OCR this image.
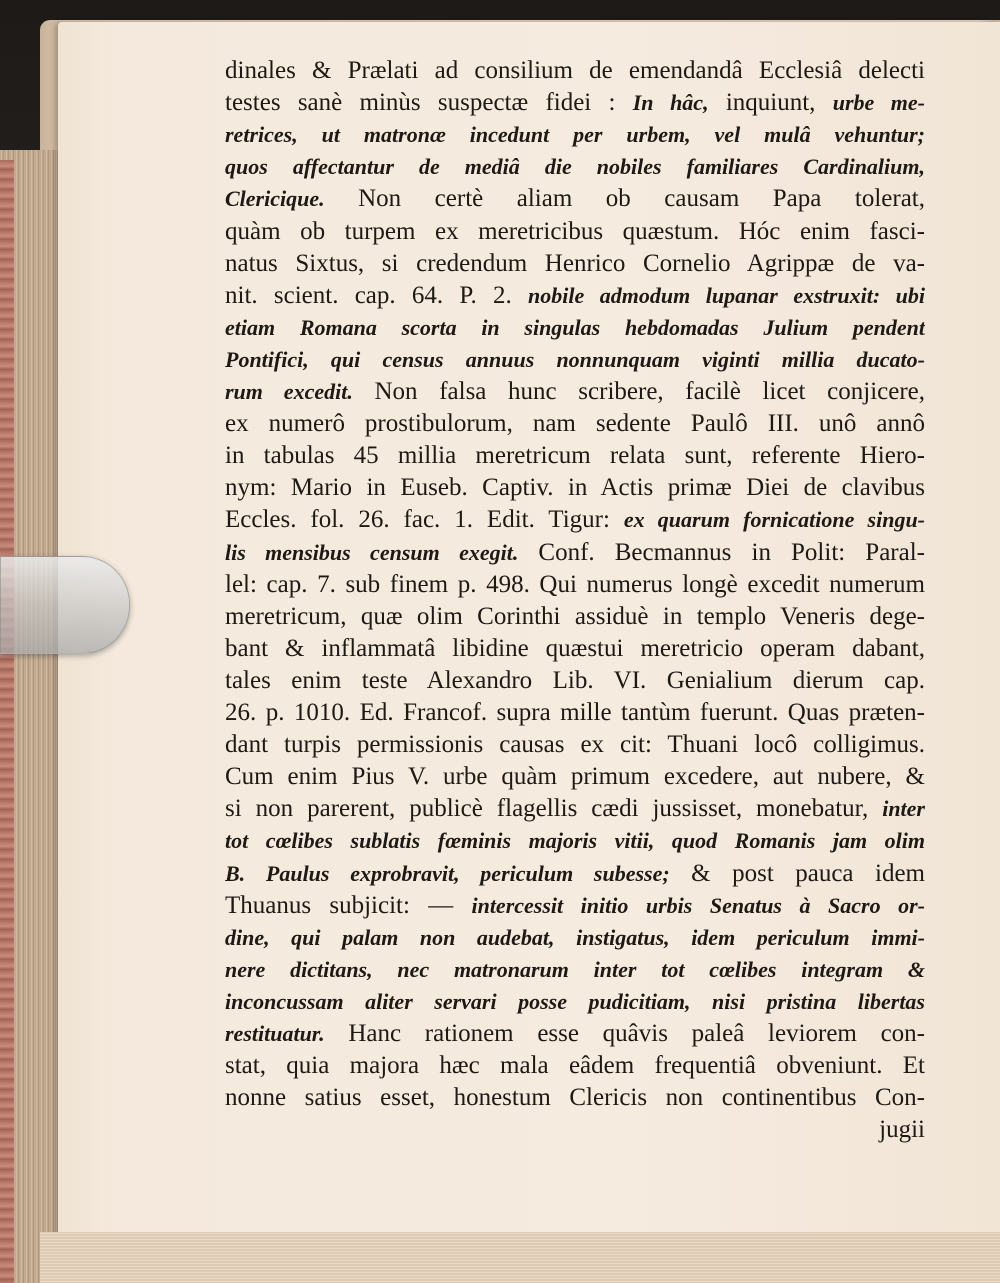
dinales & Prælati ad consilium de emendandâ Ecclesiâ delecti
testes sanè minùs suspectæ fidei : In hâc, inquiunt, urbe me-
retrices, ut matronæ incedunt per urbem, vel mulâ vehuntur;
quos affectantur de mediâ die nobiles familiares Cardinalium,
Clericique. Non certè aliam ob causam Papa tolerat,
quàm ob turpem ex meretricibus quæstum. Hóc enim fasci-
natus Sixtus, si credendum Henrico Cornelio Agrippæ de va-
nit. scient. cap. 64. P. 2. nobile admodum lupanar exstruxit: ubi
etiam Romana scorta in singulas hebdomadas Julium pendent
Pontifici, qui census annuus nonnunquam viginti millia ducato-
rum excedit. Non falsa hunc scribere, facilè licet conjicere,
ex numerô prostibulorum, nam sedente Paulô III. unô annô
in tabulas 45 millia meretricum relata sunt, referente Hiero-
nym: Mario in Euseb. Captiv. in Actis primæ Diei de clavibus
Eccles. fol. 26. fac. 1. Edit. Tigur: ex quarum fornicatione singu-
lis mensibus censum exegit. Conf. Becmannus in Polit: Paral-
lel: cap. 7. sub finem p. 498. Qui numerus longè excedit numerum
meretricum, quæ olim Corinthi assiduè in templo Veneris dege-
bant & inflammatâ libidine quæstui meretricio operam dabant,
tales enim teste Alexandro Lib. VI. Genialium dierum cap.
26. p. 1010. Ed. Francof. supra mille tantùm fuerunt. Quas præten-
dant turpis permissionis causas ex cit: Thuani locô colligimus.
Cum enim Pius V. urbe quàm primum excedere, aut nubere, &
si non parerent, publicè flagellis cædi jussisset, monebatur, inter
tot cœlibes sublatis fœminis majoris vitii, quod Romanis jam olim
B. Paulus exprobravit, periculum subesse; & post pauca idem
Thuanus subjicit: — intercessit initio urbis Senatus à Sacro or-
dine, qui palam non audebat, instigatus, idem periculum immi-
nere dictitans, nec matronarum inter tot cœlibes integram &
inconcussam aliter servari posse pudicitiam, nisi pristina libertas
restituatur. Hanc rationem esse quâvis paleâ leviorem con-
stat, quia majora hæc mala eâdem frequentiâ obveniunt. Et
nonne satius esset, honestum Clericis non continentibus Con-
jugii
